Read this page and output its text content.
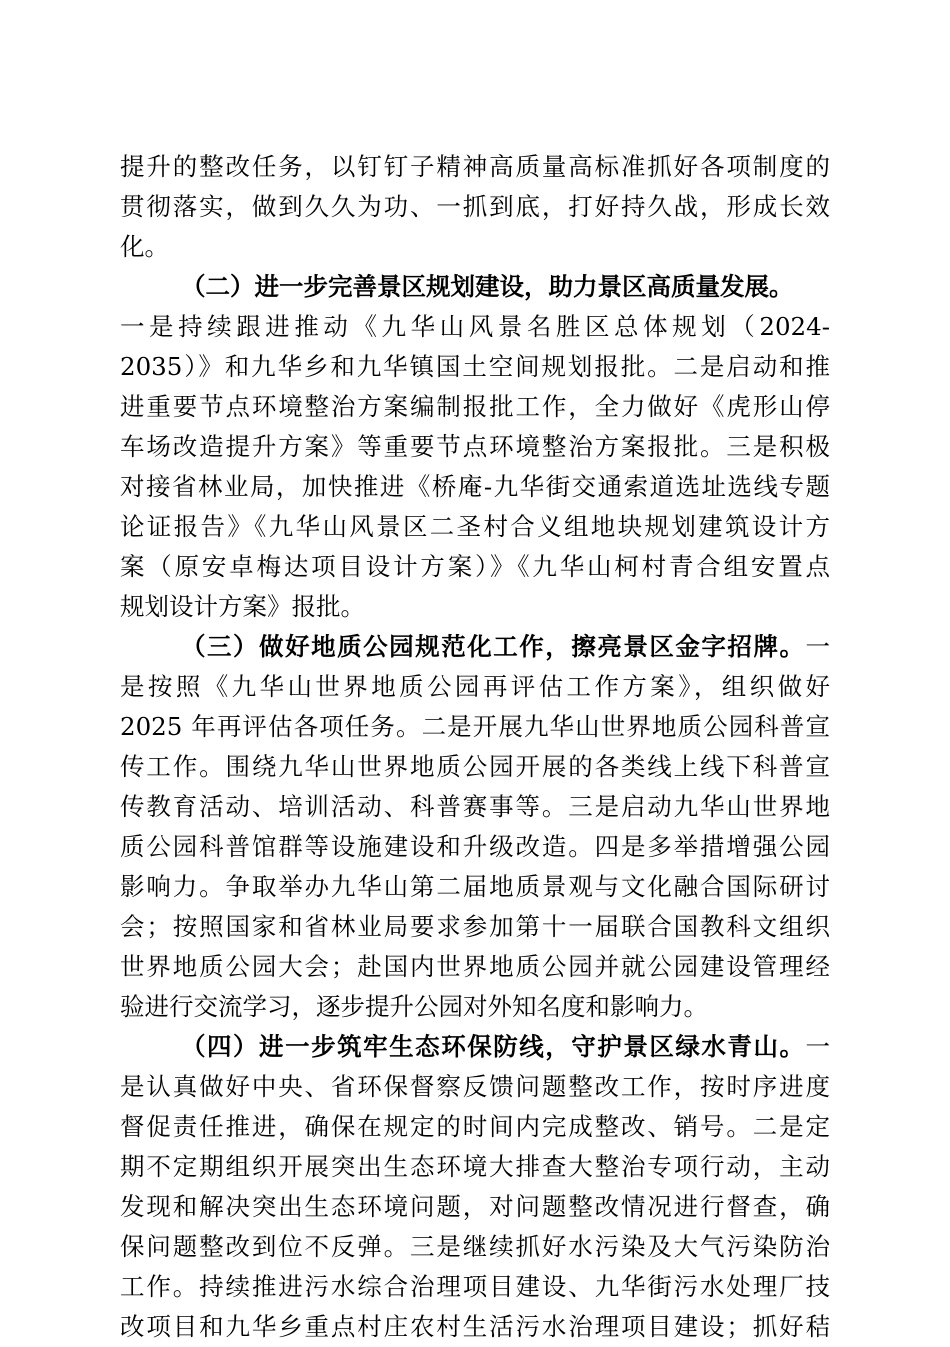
提升的整改任务，以钉钉子精神高质量高标准抓好各项制度的
贯彻落实，做到久久为功、一抓到底，打好持久战，形成长效
化。
（二）进一步完善景区规划建设，助力景区高质量发展。
一是持续跟进推动《九华山风景名胜区总体规划（2024-
2035）》和九华乡和九华镇国土空间规划报批。二是启动和推
进重要节点环境整治方案编制报批工作，全力做好《虎形山停
车场改造提升方案》等重要节点环境整治方案报批。三是积极
对接省林业局，加快推进《桥庵-九华街交通索道选址选线专题
论证报告》《九华山风景区二圣村合义组地块规划建筑设计方
案（原安卓梅达项目设计方案）》《九华山柯村青合组安置点
规划设计方案》报批。
（三）做好地质公园规范化工作，擦亮景区金字招牌。一
是按照《九华山世界地质公园再评估工作方案》，组织做好
2025 年再评估各项任务。二是开展九华山世界地质公园科普宣
传工作。围绕九华山世界地质公园开展的各类线上线下科普宣
传教育活动、培训活动、科普赛事等。三是启动九华山世界地
质公园科普馆群等设施建设和升级改造。四是多举措增强公园
影响力。争取举办九华山第二届地质景观与文化融合国际研讨
会；按照国家和省林业局要求参加第十一届联合国教科文组织
世界地质公园大会；赴国内世界地质公园并就公园建设管理经
验进行交流学习，逐步提升公园对外知名度和影响力。
（四）进一步筑牢生态环保防线，守护景区绿水青山。一
是认真做好中央、省环保督察反馈问题整改工作，按时序进度
督促责任推进，确保在规定的时间内完成整改、销号。二是定
期不定期组织开展突出生态环境大排查大整治专项行动，主动
发现和解决突出生态环境问题，对问题整改情况进行督查，确
保问题整改到位不反弹。三是继续抓好水污染及大气污染防治
工作。持续推进污水综合治理项目建设、九华街污水处理厂技
改项目和九华乡重点村庄农村生活污水治理项目建设；抓好秸
